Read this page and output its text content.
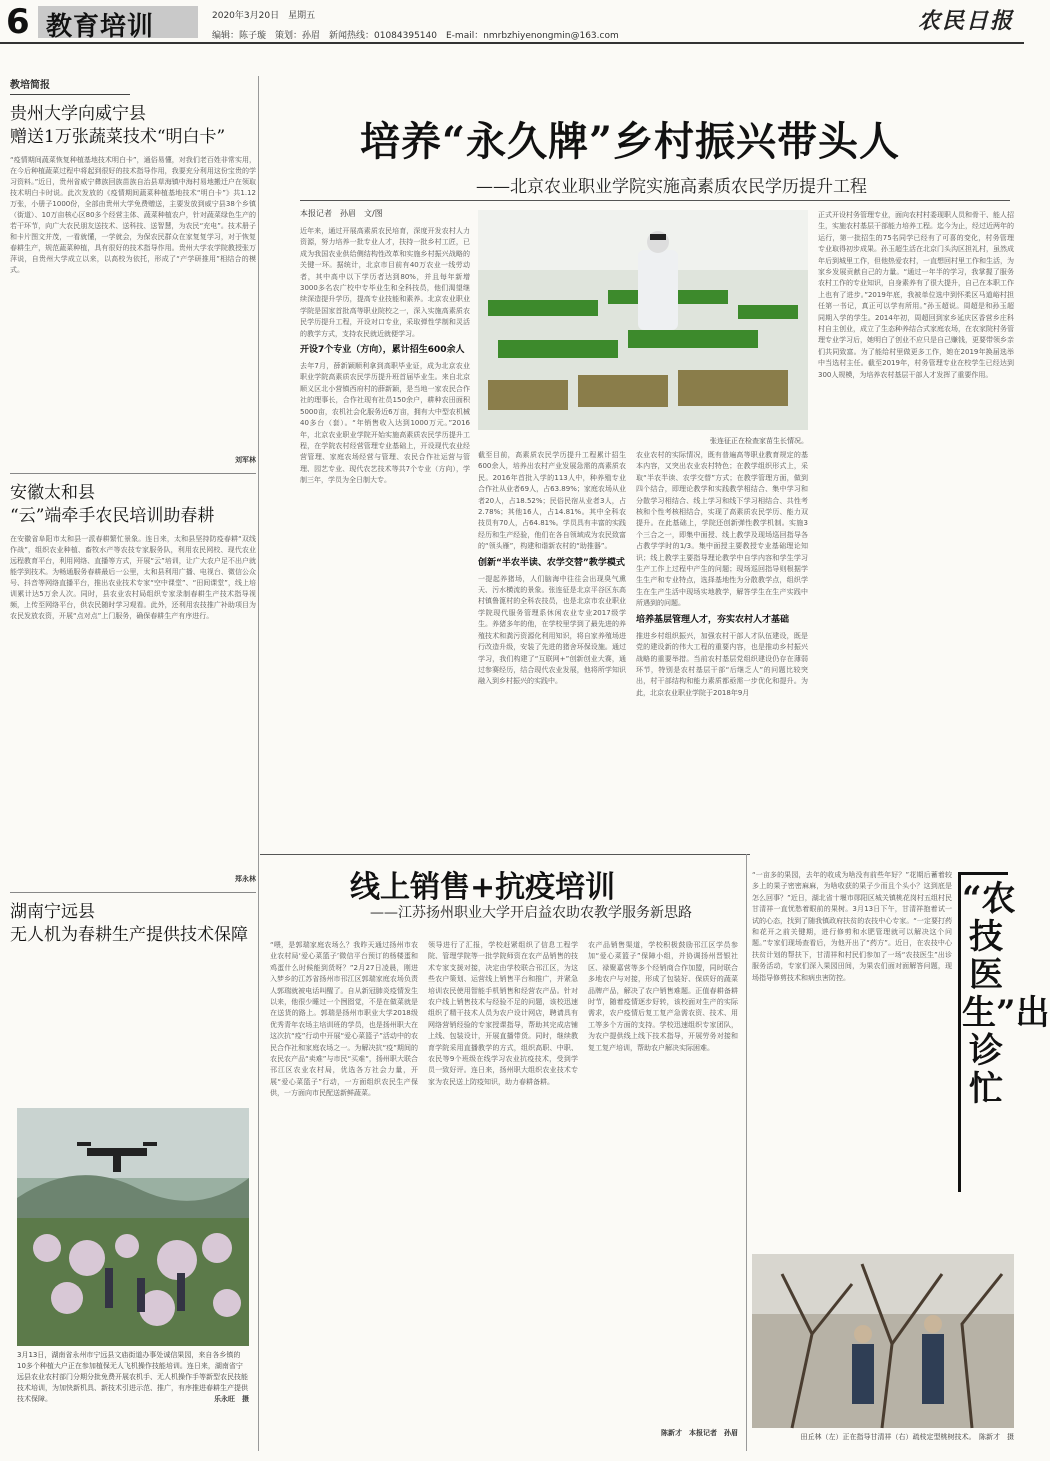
6 教育培训	2020年3月20日　星期五
编辑：陈子璇　策划：孙眉　新闻热线：01084395140　E-mail：nmrbzhiyenongmin@163.com
农民日报
教培简报
贵州大学向威宁县
赠送1万张蔬菜技术“明白卡”
“疫情期间蔬菜恢复种植基地技术明白卡”，通俗易懂，对我们老百姓非常实用，在今后种植蔬菜过程中将起到很好的技术指导作用，我要充分利用这份宝贵的学习资料。”近日，贵州省威宁彝族回族苗族自治县草海镇中海村易地搬迁户在领取技术明白卡时说。此次发放的《疫情期间蔬菜种植基地技术“明白卡”》共1.12万张，小册子1000份，全部由贵州大学免费赠送，主要发放到威宁县38个乡镇（街道）、10万亩核心区80多个经营主体、蔬菜种植农户，针对蔬菜绿色生产的若干环节，向广大农民朋友送技术、送科技、送智慧，为农民“充电”。技术册子和卡片图文并茂，一看就懂，一学就会，为保农民群众在家复复学习，对于恢复春耕生产，规范蔬菜种植，具有很好的技术指导作用。贵州大学农学院教授张万萍说，自贵州大学成立以来，以高校为依托，形成了“产学研推用”相结合的模式。
刘军林
安徽太和县
“云”端牵手农民培训助春耕
在安徽省阜阳市太和县一派春耕繁忙景象。连日来，太和县坚持防疫春耕“双线作战”，组织农业种植、畜牧水产等农技专家服务队，利用农民网校、现代农业远程教育平台，利用网络、直播等方式，开展“云”培训，让广大农户足不出户就能学到技术。为畅通服务春耕最后一公里，太和县利用广播、电视台、微信公众号、抖音等网络直播平台，推出农业技术专家“空中课堂”、“田间课堂”，线上培训累计达5万余人次。同时，县农业农村局组织专家录制春耕生产技术指导视频，上传至网络平台，供农民随时学习观看。此外，还利用农技推广补助项目为农民发放农资，开展“点对点”上门服务，确保春耕生产有序进行。
郑永林
湖南宁远县
无人机为春耕生产提供技术保障
3月13日，湖南省永州市宁远县文庙街道办事处诚信果园，来自各乡镇的10多个种植大户正在参加植保无人飞机操作技能培训。连日来，湖南省宁远县农业农村部门分期分批免费开展农机手、无人机操作手等新型农民技能技术培训，为加快新机具、新技术引进示范、推广，有序推进春耕生产提供技术保障。	乐永旺　摄
培养“永久牌”乡村振兴带头人
——北京农业职业学院实施高素质农民学历提升工程
本报记者　孙眉　文/图
近年来，通过开展高素质农民培育，深度开发农村人力资源，努力培养一批专业人才，扶持一批乡村工匠，已成为我国农业供给侧结构性改革和实施乡村振兴战略的关键一环。据统计，北京市目前有40万农业一线劳动者，其中高中以下学历者达到80%，并且每年新增3000多名农广校中专毕业生和全科技员，他们渴望继续深造提升学历，提高专业技能和素养。北京农业职业学院是国家首批高等职业院校之一，深入实施高素质农民学历提升工程，开设对口专业，采取弹性学制和灵活的教学方式，支持农民就近就便学习。
开设7个专业（方向），累计招生600余人
去年7月，薛新颖顺利拿到高职毕业证，成为北京农业职业学院高素质农民学历提升班首届毕业生。来自北京顺义区北小营镇西府村的薛新颖，是当地一家农民合作社的理事长，合作社现有社员150余户，耕种农田面积5000亩，农机社会化服务近6万亩，拥有大中型农机械40多台（套）。“年销售收入达到1000万元。”2016年，北京农业职业学院开始实施高素质农民学历提升工程，在学院农村经营管理专业基础上，开设现代农业经营管理、家庭农场经营与管理、农民合作社运营与管理、园艺专业、现代农艺技术等共7个专业（方向），学制三年，学员为全日制大专。
张连征正在检查家苗生长情况。
截至目前，高素质农民学历提升工程累计招生600余人，培养出农村产业发展急需的高素质农民。2016年首批入学的113人中，种养殖专业合作社从业者69人，占63.89%；家庭农场从业者20人，占18.52%；民俗民宿从业者3人，占2.78%；其他16人，占14.81%。其中全科农技员有70人，占64.81%。学员具有丰富的实践经历和生产经验，他们在各自领域成为农民致富的“领头雁”，构建和谐新农村的“助推器”。
创新“半农半读、农学交替”教学模式
一提起养猪场，人们脑海中往往会出现臭气熏天、污水横流的景象。张连征是北京平谷区东高村镇鲁篦村的全科农技员，也是北京市农业职业学院现代服务管理系休闲农业专业2017级学生。养猪多年的他，在学校里学到了最先进的养殖技术和粪污资源化利用知识，将自家养殖场进行改造升级，安装了先进的猪舍环保设施。通过学习，我们构建了“互联网+”创新创业大赛，通过参赛经历，结合现代农业发展，他将所学知识融入到乡村振兴的实践中。
农业农村的实际情况，既有普遍高等职业教育规定的基本内容，又突出农业农村特色；在教学组织形式上，采取“半农半读、农学交替”方式；在教学管理方面，做到四个结合，即理论教学和实践教学相结合、集中学习和分散学习相结合、线上学习和线下学习相结合、共性考核和个性考核相结合，实现了高素质农民学历、能力双提升。在此基础上，学院还创新弹性教学机制。实施3个三合之一，即集中面授、线上教学及现场巡回指导各占教学学时的1/3。集中面授主要教授专业基础理论知识；线上教学主要指导理论教学中自学内容和学生学习生产工作上过程中产生的问题；现场巡回指导则根据学生生产和专业特点，选择基地性为分散教学点，组织学生在生产生活中现场实地教学，解答学生在生产实践中所遇到的问题。
培养基层管理人才，夯实农村人才基础
推进乡村组织振兴，加强农村干部人才队伍建设，既是党的建设新的伟大工程的重要内容，也是推动乡村振兴战略的重要举措。当前农村基层党组织建设仍存在薄弱环节，特别是农村基层干部“后继乏人”的问题比较突出，村干部结构和能力素质都亟需一步优化和提升。为此，北京农业职业学院于2018年9月
正式开设村务管理专业，面向农村村委现职人员和骨干、能人招生，实施农村基层干部能力培养工程。迄今为止，经过近两年的运行，第一批招生的75名同学已经有了可喜的变化，村务管理专业取得初步成果。孙玉超生活在北京门头沟区担礼村，虽然成年后到城里工作，但他热爱农村，一直想回村里工作和生活，为家乡发展贡献自己的力量。“通过一年半的学习，我掌握了服务农村工作的专业知识，自身素养有了很大提升，自己在本职工作上也有了进步。”2019年底，我被单位选中到怀柔区马道峪村担任第一书记，真正可以学有所用。”孙玉超说。周超是和孙玉超同期入学的学生。2014年初，周超回到家乡延庆区香营乡庄科村自主创业，成立了生态种养结合式家庭农场，在农家院村务管理专业学习后，她明白了创业不应只是自己赚钱，更要带领乡亲们共同致富。为了能给村里做更多工作，她在2019年换届选举中当选村主任。截至2019年，村务管理专业在校学生已经达到300人规模，为培养农村基层干部人才发挥了重要作用。
线上销售+抗疫培训
——江苏扬州职业大学开启益农助农教学服务新思路
“喂，是郭瑞家庭农场么？我昨天通过扬州市农业农村局‘爱心菜篮子’微信平台预订的杨楼蛋和鸡蛋什么时候能到货呀？”2月27日凌晨，刚进入梦乡的江苏省扬州市邗江区郭瑞家庭农场负责人郭瑞就被电话叫醒了。自从新冠肺炎疫情发生以来，他很少睡过一个囫囵觉，不是在做菜就是在送货的路上。郭瑞是扬州市职业大学2018级优秀青年农场主培训班的学员，也是扬州职大在这次抗“疫”行动中开展“爱心菜篮子”活动中的农民合作社和家庭农场之一。为解决抗“疫”期间的农民农产品“卖难”与市民“买难”，扬州职大联合邗江区农业农村局，优选各方社会力量，开展“爱心菜篮子”行动，一方面组织农民生产保供，一方面向市民配送新鲜蔬菜。
领导进行了汇报，学校赶紧组织了信息工程学院、管理学院等一批学院师资在农产品销售的技术专家支援对接，决定由学校联合邗江区，为这些农户策划、运营线上销售平台和推广，并紧急培训农民使用智能手机销售和经营农产品。针对农户线上销售技术与经验不足的问题，该校迅速组织了精干技术人员为农户设计网店，聘请具有网络营销经验的专家授课指导，帮助其完成店铺上线、包装设计，开展直播带货。同时，继续教育学院采用直播教学的方式，组织高职、中职、农民等9个班级在线学习农业抗疫技术，受到学员一致好评。连日来，扬州职大组织农业技术专家为农民送上防疫知识，助力春耕备耕。
农产品销售渠道，学校积极鼓励邗江区学员参加“爱心菜篮子”保障小组，并协调扬州晋银社区、禄聚嘉营等多个经销商合作加盟，同时联合多地农户与对接，形成了包装好、保质好的蔬菜品牌产品，解决了农户销售难题。正值春耕备耕时节，随着疫情逐步好转，该校面对生产的实际需求，农户疫情后复工复产急需农资、技术、用工等多个方面的支持。学校迅速组织专家团队，为农户提供线上线下技术指导，开展劳务对接和复工复产培训，帮助农户解决实际困难。
陈新才　本报记者　孙眉
“一亩多的果园，去年的收成为啥没有前些年好？”花期后蓄着较多上的果子密密麻麻，为啥收获的果子少而且个头小？这到底是怎么回事？”近日，湖北省十堰市郧阳区城关镇桃花岗村五组村民甘清祥一直忧愁着眼前的果树。3月13日下午，甘清祥抱着试一试的心态，找到了随我镇政府扶贫的农技中心专家。“一定要打药和花开之前关键期，进行修剪和水肥管理就可以解决这个问题。”专家们现场查看后，为他开出了“药方”。近日，在农技中心扶贫计划的帮扶下，甘清祥和村民们参加了一场“农技医生”出诊服务活动，专家们深入果园田间，为果农们面对面解答问题，现场指导修剪技术和病虫害防控。
“农技医生”出诊忙
田丘林（左）正在指导甘清祥（右）疏枝定型桃树技术。　陈新才　摄
